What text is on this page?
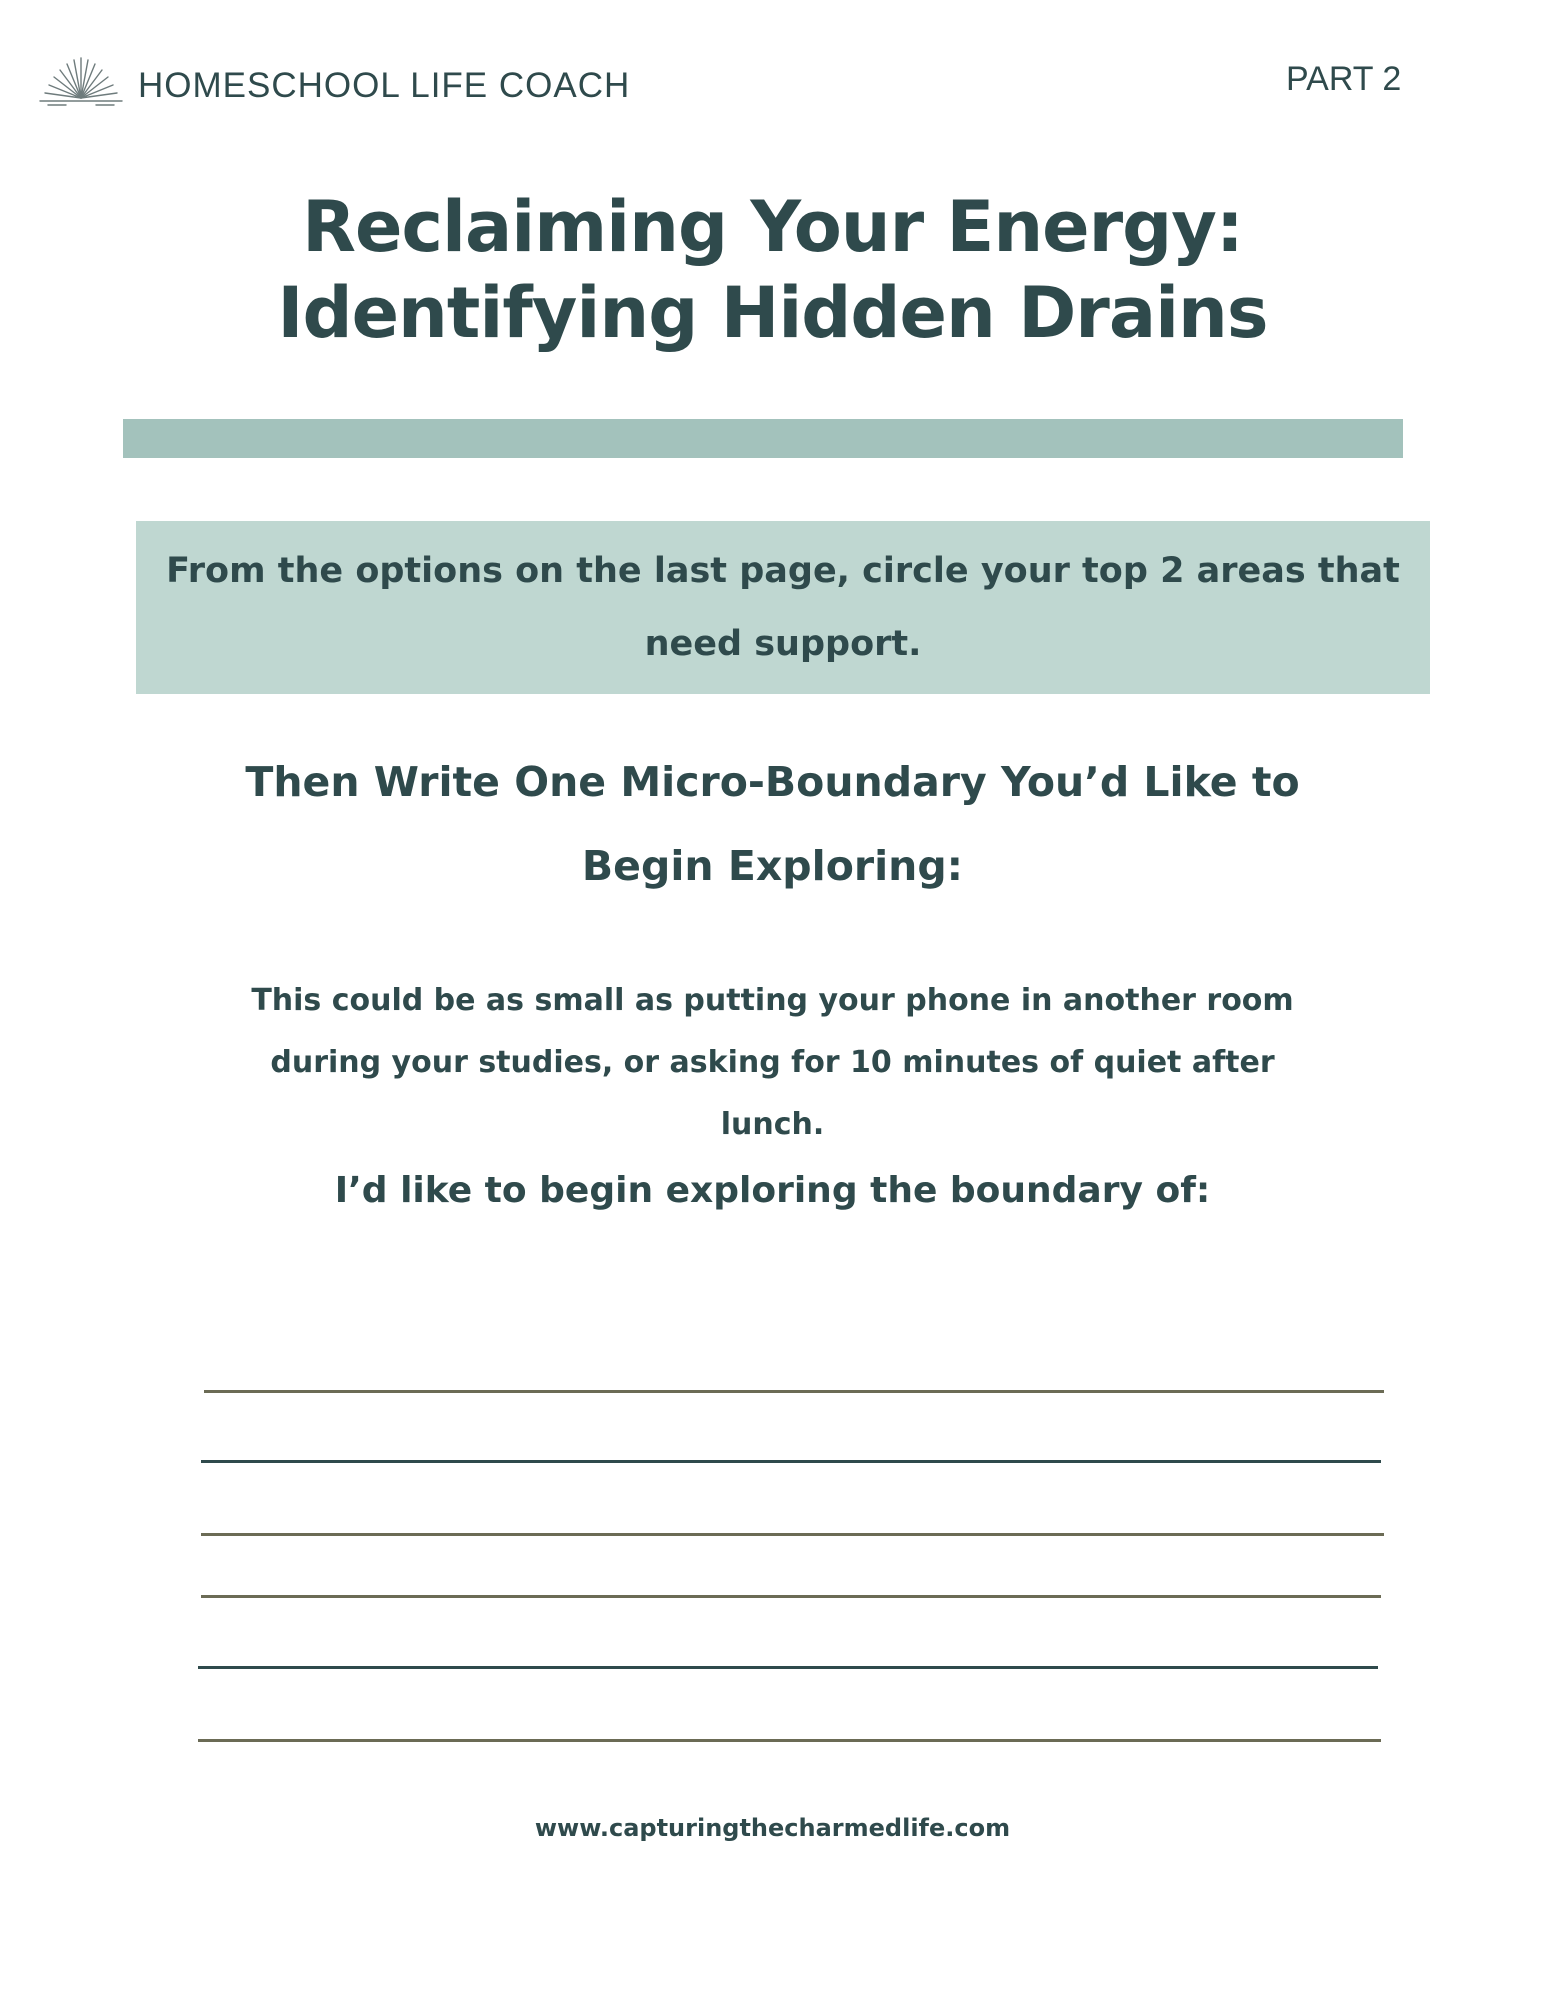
HOMESCHOOL LIFE COACH	PART 2
Reclaiming Your Energy:
Identifying Hidden Drains
From the options on the last page, circle your top 2 areas that need support.
Then Write One Micro-Boundary You’d Like to Begin Exploring:
This could be as small as putting your phone in another room
during your studies, or asking for 10 minutes of quiet after lunch.
I’d like to begin exploring the boundary of:
www.capturingthecharmedlife.com
